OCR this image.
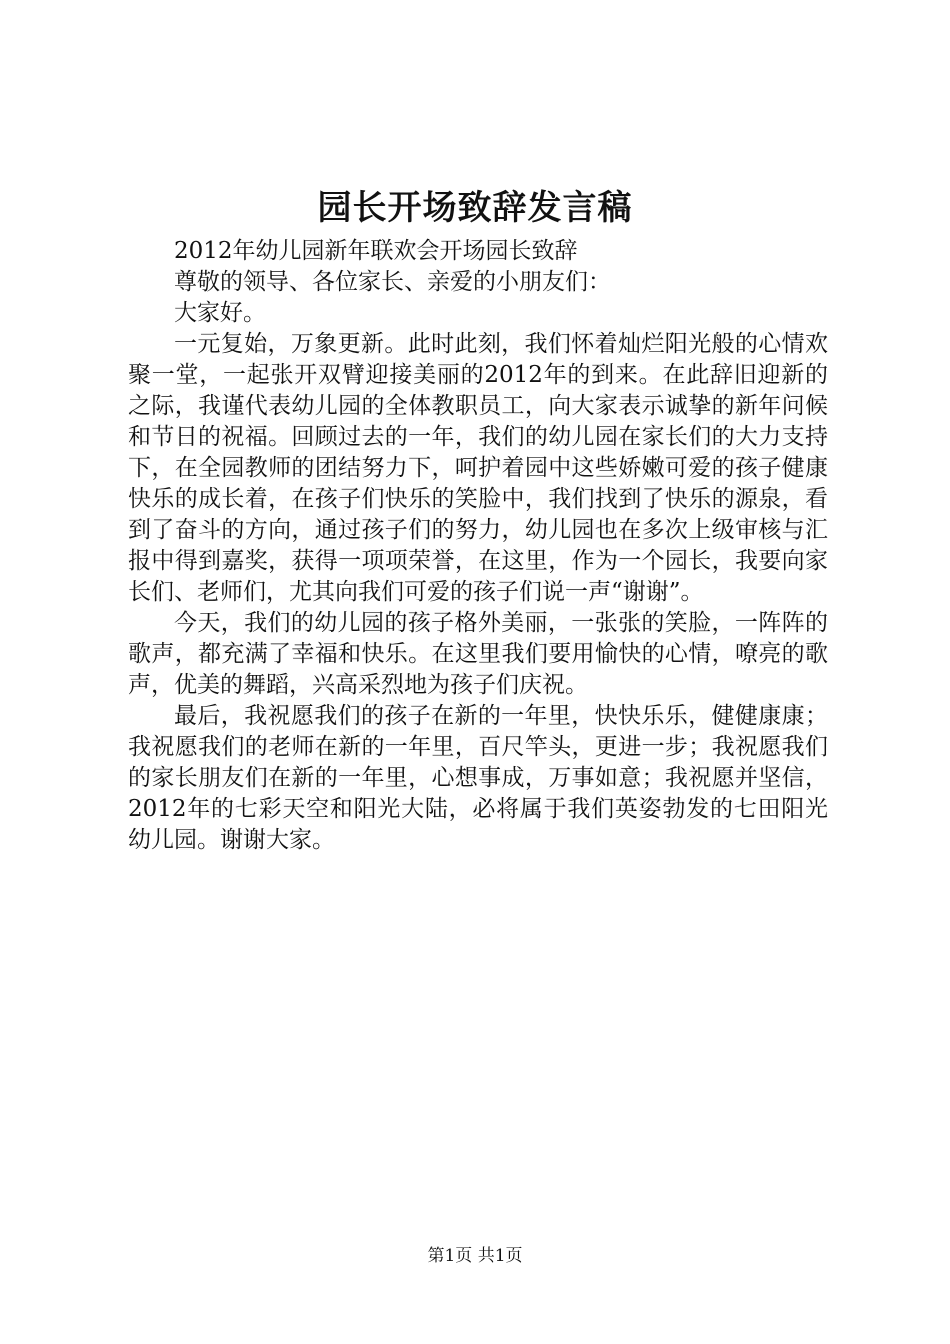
园长开场致辞发言稿

2012年幼儿园新年联欢会开场园长致辞

尊敬的领导、各位家长、亲爱的小朋友们：

大家好。

一元复始，万象更新。此时此刻，我们怀着灿烂阳光般的心情欢聚一堂，一起张开双臂迎接美丽的2012年的到来。在此辞旧迎新的之际，我谨代表幼儿园的全体教职员工，向大家表示诚挚的新年问候和节日的祝福。回顾过去的一年，我们的幼儿园在家长们的大力支持下，在全园教师的团结努力下，呵护着园中这些娇嫩可爱的孩子健康快乐的成长着，在孩子们快乐的笑脸中，我们找到了快乐的源泉，看到了奋斗的方向，通过孩子们的努力，幼儿园也在多次上级审核与汇报中得到嘉奖，获得一项项荣誉，在这里，作为一个园长，我要向家长们、老师们，尤其向我们可爱的孩子们说一声“谢谢”。

今天，我们的幼儿园的孩子格外美丽，一张张的笑脸，一阵阵的歌声，都充满了幸福和快乐。在这里我们要用愉快的心情，嘹亮的歌声，优美的舞蹈，兴高采烈地为孩子们庆祝。

最后，我祝愿我们的孩子在新的一年里，快快乐乐，健健康康；我祝愿我们的老师在新的一年里，百尺竿头，更进一步；我祝愿我们的家长朋友们在新的一年里，心想事成，万事如意；我祝愿并坚信，2012年的七彩天空和阳光大陆，必将属于我们英姿勃发的七田阳光幼儿园。谢谢大家。

第1页 共1页
